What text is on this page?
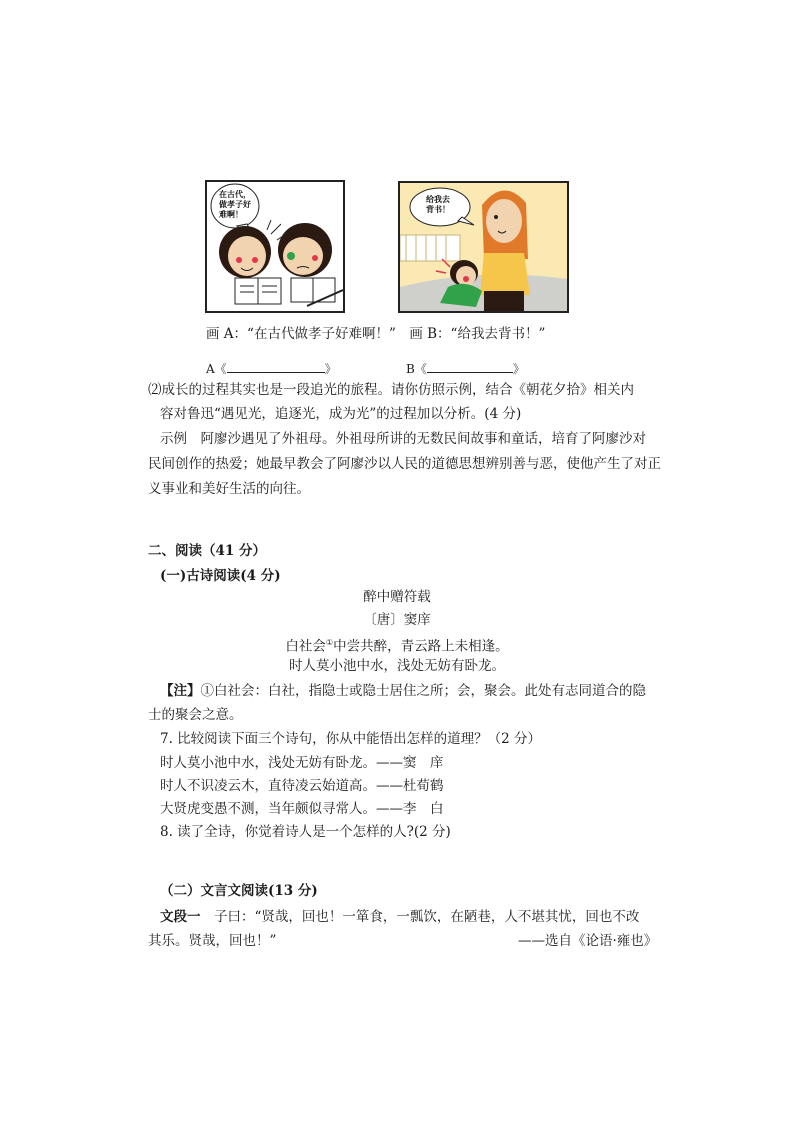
在古代，
做孝子好
难啊！
给我去
背书！
画 A：“在古代做孝子好难啊！”　画 B：“给我去背书！”
A《	》	B《	》
⑵成长的过程其实也是一段追光的旅程。请你仿照示例，结合《朝花夕拾》相关内
容对鲁迅“遇见光，追逐光，成为光”的过程加以分析。(4 分)
示例　阿廖沙遇见了外祖母。外祖母所讲的无数民间故事和童话，培育了阿廖沙对
民间创作的热爱；她最早教会了阿廖沙以人民的道德思想辨别善与恶，使他产生了对正
义事业和美好生活的向往。
二、阅读（41 分）
(一)古诗阅读(4 分)
醉中赠符载
〔唐〕窦庠
白社会①中尝共醉，青云路上未相逢。
时人莫小池中水，浅处无妨有卧龙。
【注】①白社会：白社，指隐士或隐士居住之所；会，聚会。此处有志同道合的隐
士的聚会之意。
7. 比较阅读下面三个诗句，你从中能悟出怎样的道理？（2 分）
时人莫小池中水，浅处无妨有卧龙。——窦　庠
时人不识凌云木，直待凌云始道高。——杜荀鹤
大贤虎变愚不测，当年颇似寻常人。——李　白
8. 读了全诗，你觉着诗人是一个怎样的人?(2 分)
（二）文言文阅读(13 分)
文段一　 子曰：“贤哉，回也！一箪食，一瓢饮，在陋巷，人不堪其忧，回也不改
其乐。贤哉，回也！”	——选自《论语·雍也》
